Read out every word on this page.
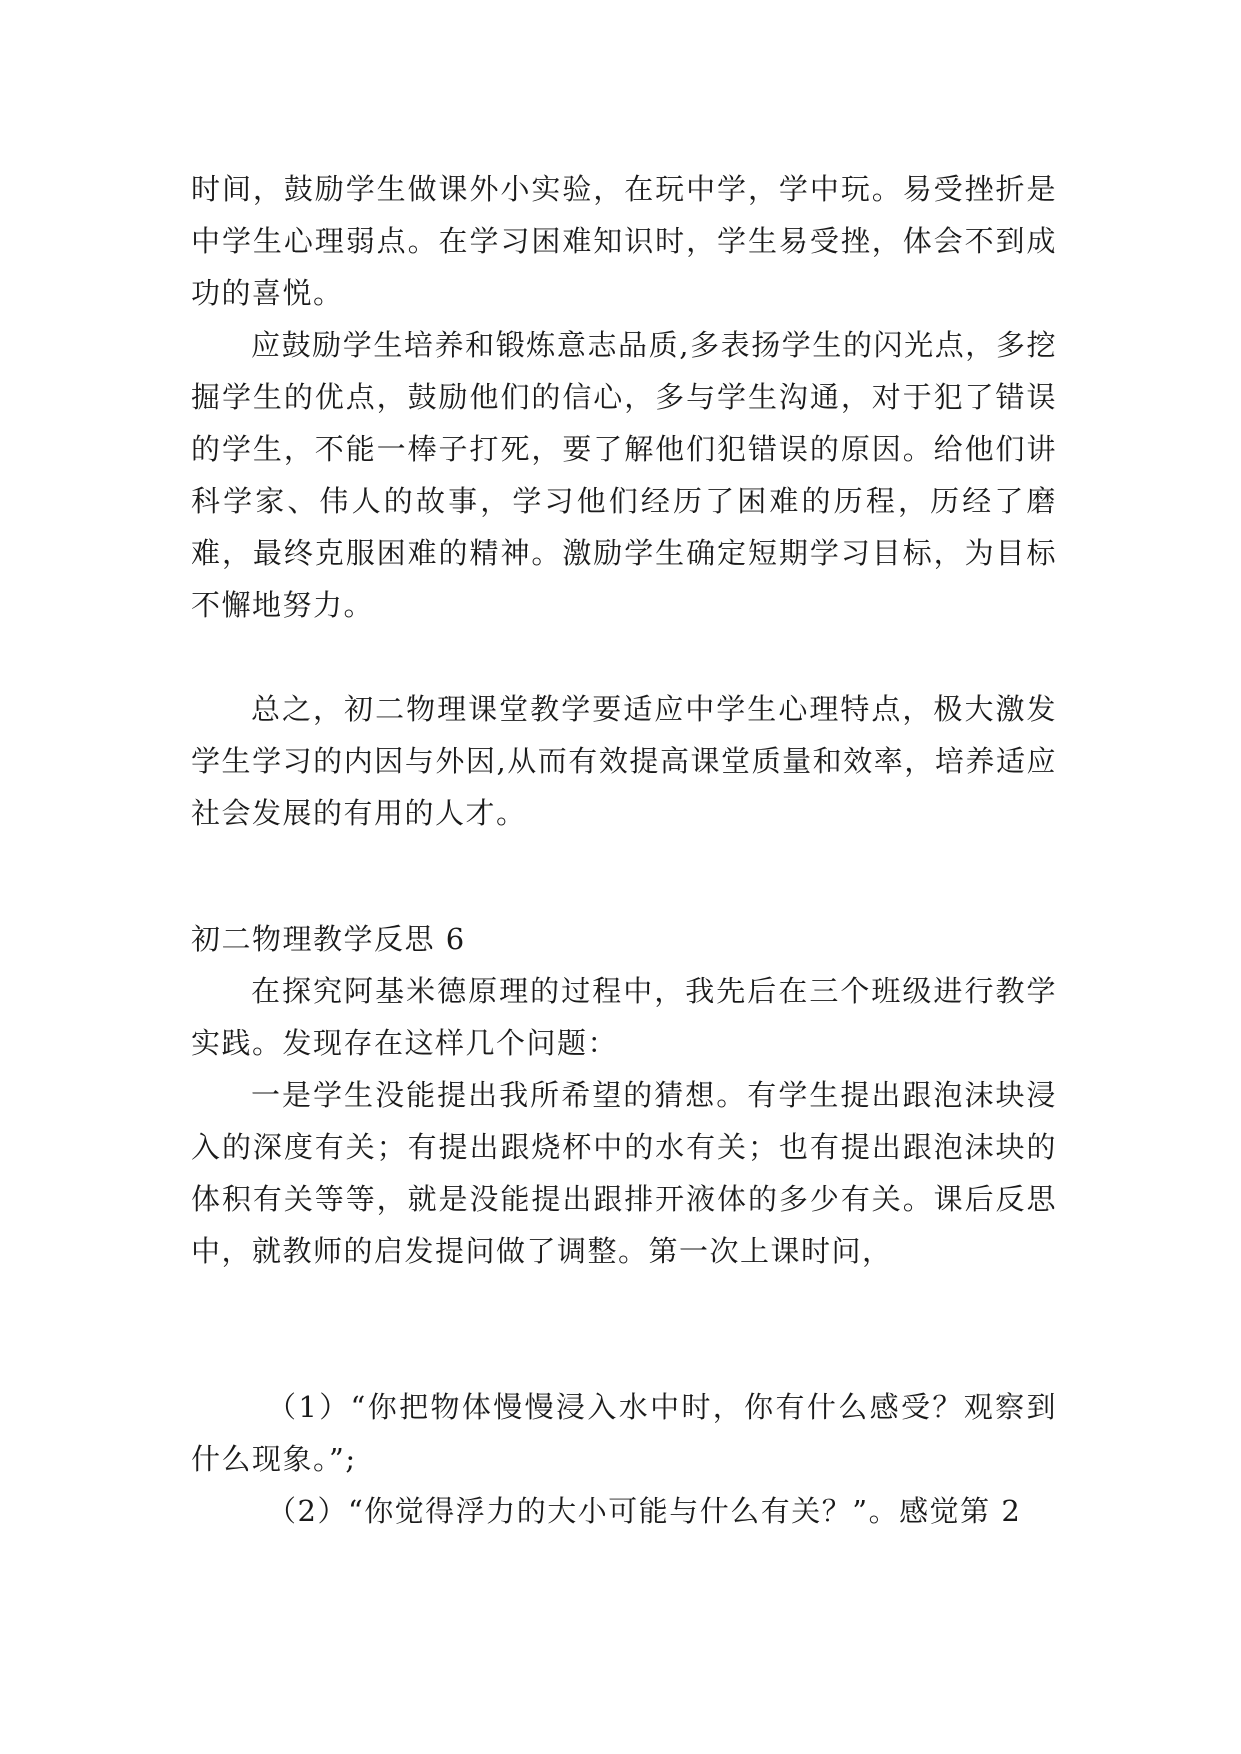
时间，鼓励学生做课外小实验，在玩中学，学中玩。易受挫折是中学生心理弱点。在学习困难知识时，学生易受挫，体会不到成功的喜悦。

应鼓励学生培养和锻炼意志品质,多表扬学生的闪光点，多挖掘学生的优点，鼓励他们的信心，多与学生沟通，对于犯了错误的学生，不能一棒子打死，要了解他们犯错误的原因。给他们讲科学家、伟人的故事，学习他们经历了困难的历程，历经了磨难，最终克服困难的精神。激励学生确定短期学习目标，为目标不懈地努力。

总之，初二物理课堂教学要适应中学生心理特点，极大激发学生学习的内因与外因,从而有效提高课堂质量和效率，培养适应社会发展的有用的人才。

初二物理教学反思 6

在探究阿基米德原理的过程中，我先后在三个班级进行教学实践。发现存在这样几个问题：

一是学生没能提出我所希望的猜想。有学生提出跟泡沫块浸入的深度有关；有提出跟烧杯中的水有关；也有提出跟泡沫块的体积有关等等，就是没能提出跟排开液体的多少有关。课后反思中，就教师的启发提问做了调整。第一次上课时问，

（1）“你把物体慢慢浸入水中时，你有什么感受？观察到什么现象。”;

（2）“你觉得浮力的大小可能与什么有关？”。感觉第 2
